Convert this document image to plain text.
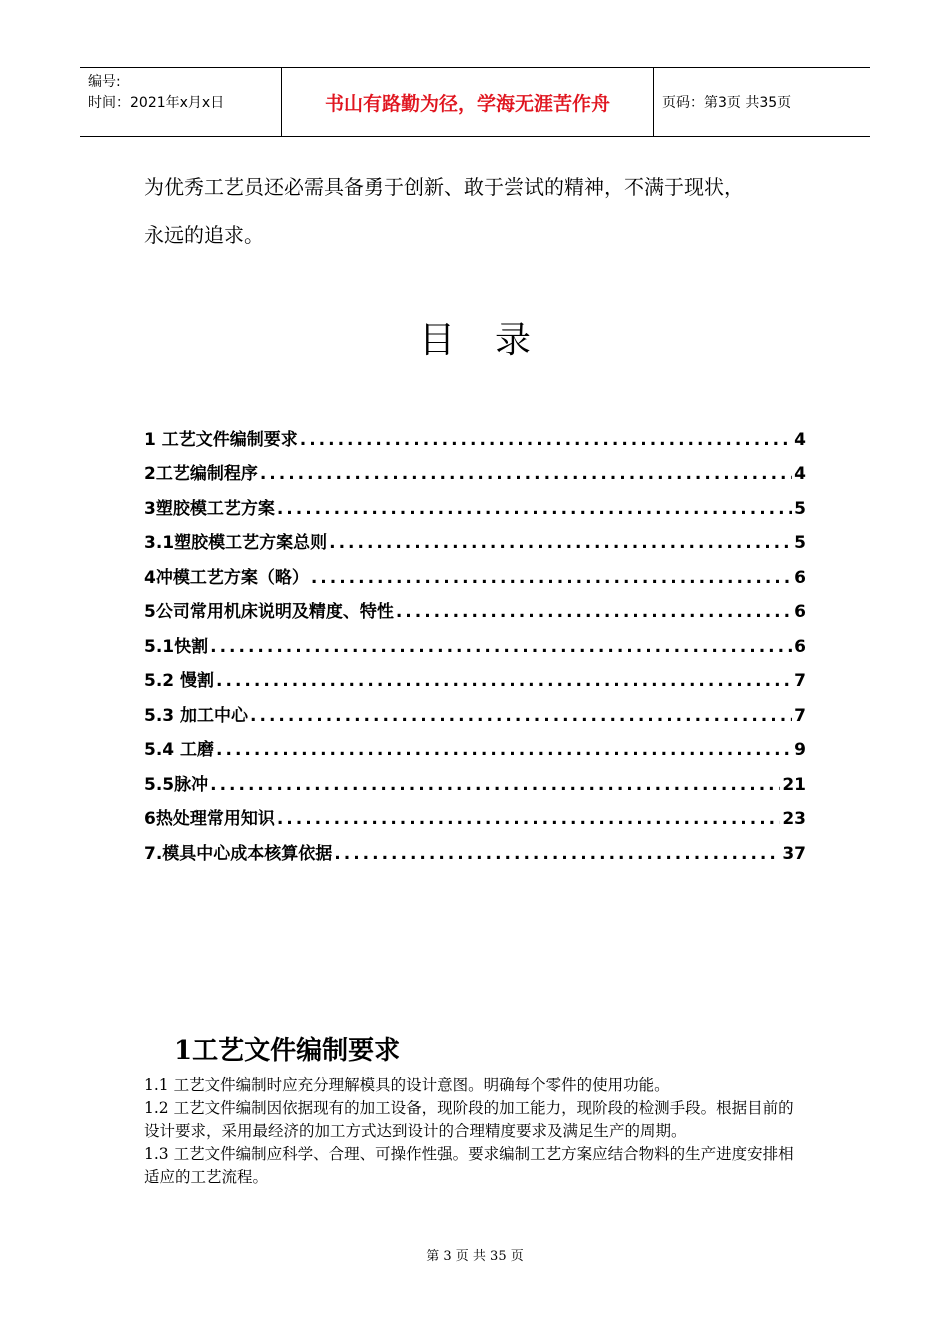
编号:
时间：2021年x月x日	书山有路勤为径，学海无涯苦作舟	页码：第3页 共35页

为优秀工艺员还必需具备勇于创新、敢于尝试的精神，不满于现状，

永远的追求。

目录
1 工艺文件编制要求 .....	4
2工艺编制程序 .....	4
3塑胶模工艺方案 .....	5
3.1塑胶模工艺方案总则 .....	5
4冲模工艺方案（略） .....	6
5公司常用机床说明及精度、特性 .....	6
5.1快割 .....	6
5.2 慢割 .....	7
5.3 加工中心 .....	7
5.4 工磨 .....	9
5.5脉冲 .....	21
6热处理常用知识 .....	23
7.模具中心成本核算依据 .....	37
1工艺文件编制要求

1.1 工艺文件编制时应充分理解模具的设计意图。明确每个零件的使用功能。

1.2 工艺文件编制因依据现有的加工设备，现阶段的加工能力，现阶段的检测手段。根据目前的设计要求，采用最经济的加工方式达到设计的合理精度要求及满足生产的周期。

1.3 工艺文件编制应科学、合理、可操作性强。要求编制工艺方案应结合物料的生产进度安排相适应的工艺流程。

第 3 页 共 35 页
